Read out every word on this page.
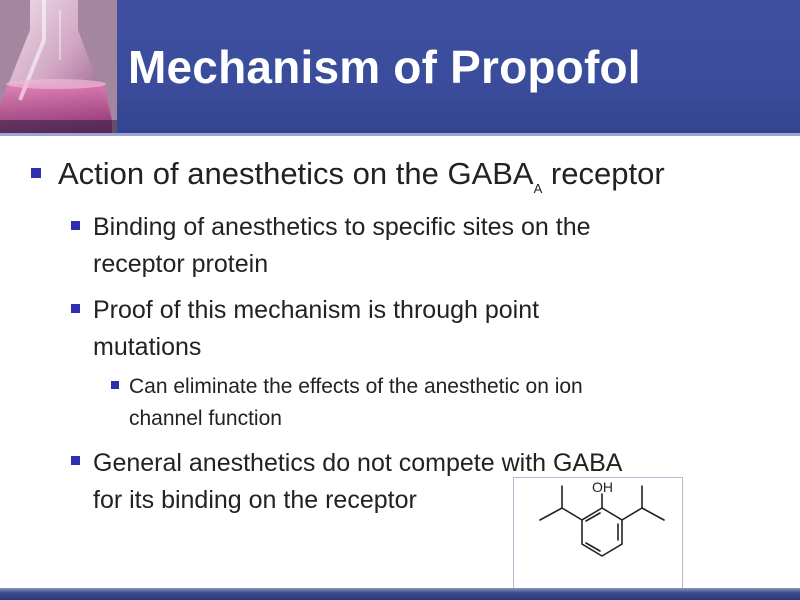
Mechanism of Propofol

Action of anesthetics on the $GABA_A$ receptor

Binding of anesthetics to specific sites on the
receptor protein

Proof of this mechanism is through point
mutations

Can eliminate the effects of the anesthetic on ion
channel function

General anesthetics do not compete with GABA
for its binding on the receptor	OH
